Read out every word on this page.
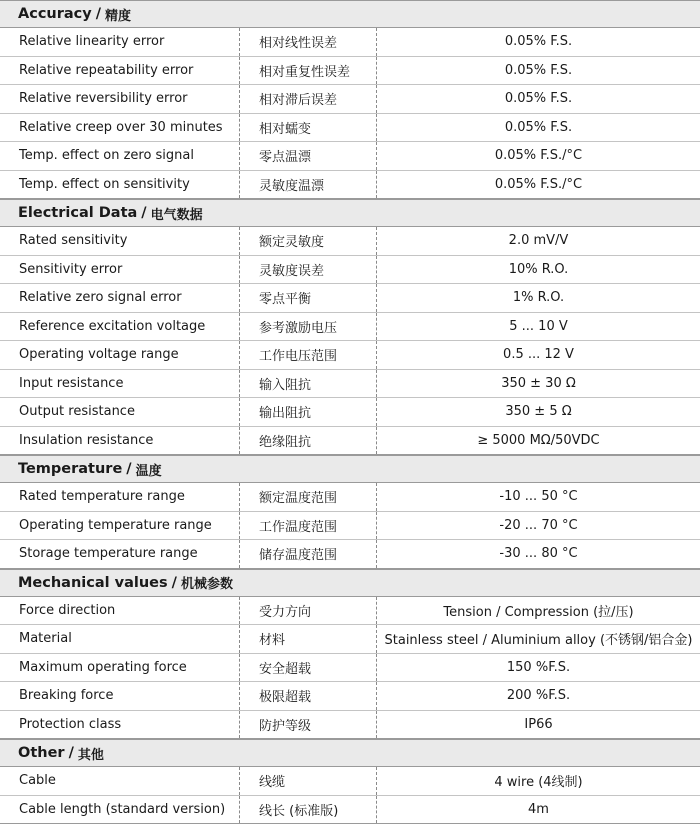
Accuracy / 精度
Relative linearity error	相对线性误差	0.05% F.S.
Relative repeatability error	相对重复性误差	0.05% F.S.
Relative reversibility error	相对滞后误差	0.05% F.S.
Relative creep over 30 minutes	相对蠕变	0.05% F.S.
Temp. effect on zero signal	零点温漂	0.05% F.S./°C
Temp. effect on sensitivity	灵敏度温漂	0.05% F.S./°C
Electrical Data / 电气数据
Rated sensitivity	额定灵敏度	2.0 mV/V
Sensitivity error	灵敏度误差	10% R.O.
Relative zero signal error	零点平衡	1% R.O.
Reference excitation voltage	参考激励电压	5 ... 10 V
Operating voltage range	工作电压范围	0.5 ... 12 V
Input resistance	输入阻抗	350 ± 30 Ω
Output resistance	输出阻抗	350 ± 5 Ω
Insulation resistance	绝缘阻抗	≥ 5000 MΩ/50VDC
Temperature / 温度
Rated temperature range	额定温度范围	-10 ... 50 °C
Operating temperature range	工作温度范围	-20 ... 70 °C
Storage temperature range	储存温度范围	-30 ... 80 °C
Mechanical values / 机械参数
Force direction	受力方向	Tension / Compression (拉/压)
Material	材料	Stainless steel / Aluminium alloy (不锈钢/铝合金)
Maximum operating force	安全超载	150 %F.S.
Breaking force	极限超载	200 %F.S.
Protection class	防护等级	IP66
Other / 其他
Cable	线缆	4 wire (4线制)
Cable length (standard version)	线长 (标准版)	4m
